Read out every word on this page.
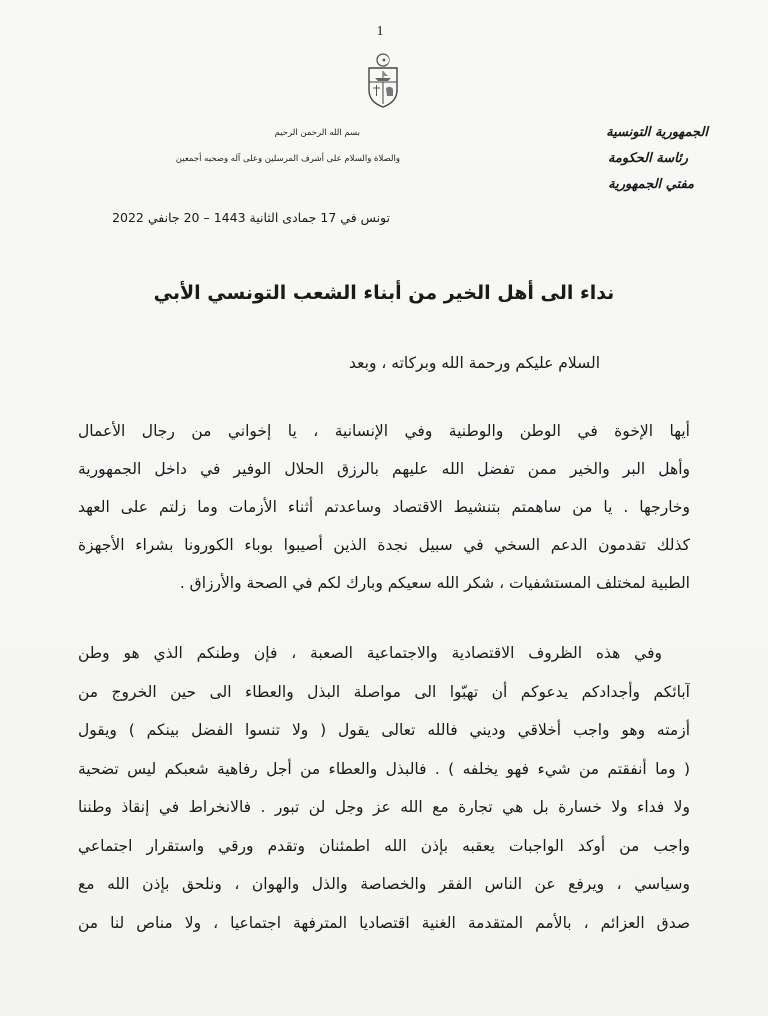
1
الجمهورية التونسية
رئاسة الحكومة
مفتي الجمهورية
بسم الله الرحمن الرحيم
والصلاة والسلام على أشرف المرسلين وعلى آله وصحبه أجمعين
تونس في 17 جمادى الثانية 1443 – 20 جانفي 2022
نداء الى أهل الخير من أبناء الشعب التونسي الأبي
السلام عليكم ورحمة الله وبركاته ، وبعد
أيها الإخوة في الوطن والوطنية وفي الإنسانية ، يا إخواني من رجال الأعمال
وأهل البر والخير ممن تفضل الله عليهم بالرزق الحلال الوفير في داخل الجمهورية
وخارجها . يا من ساهمتم بتنشيط الاقتصاد وساعدتم أثناء الأزمات وما زلتم على العهد
كذلك تقدمون الدعم السخي في سبيل نجدة الذين أصيبوا بوباء الكورونا بشراء الأجهزة
الطبية لمختلف المستشفيات ، شكر الله سعيكم وبارك لكم في الصحة والأرزاق .
وفي هذه الظروف الاقتصادية والاجتماعية الصعبة ، فإن وطنكم الذي هو وطن
آبائكم وأجدادكم يدعوكم أن تهبّوا الى مواصلة البذل والعطاء الى حين الخروج من
أزمته وهو واجب أخلاقي وديني فالله تعالى يقول ( ولا تنسوا الفضل بينكم ) ويقول
( وما أنفقتم من شيء فهو يخلفه ) . فالبذل والعطاء من أجل رفاهية شعبكم ليس تضحية
ولا فداء ولا خسارة بل هي تجارة مع الله عز وجل لن تبور . فالانخراط في إنقاذ وطننا
واجب من أوكد الواجبات يعقبه بإذن الله اطمئنان وتقدم ورقي واستقرار اجتماعي
وسياسي ، ويرفع عن الناس الفقر والخصاصة والذل والهوان ، ونلحق بإذن الله مع
صدق العزائم ، بالأمم المتقدمة الغنية اقتصاديا المترفهة اجتماعيا ، ولا مناص لنا من
